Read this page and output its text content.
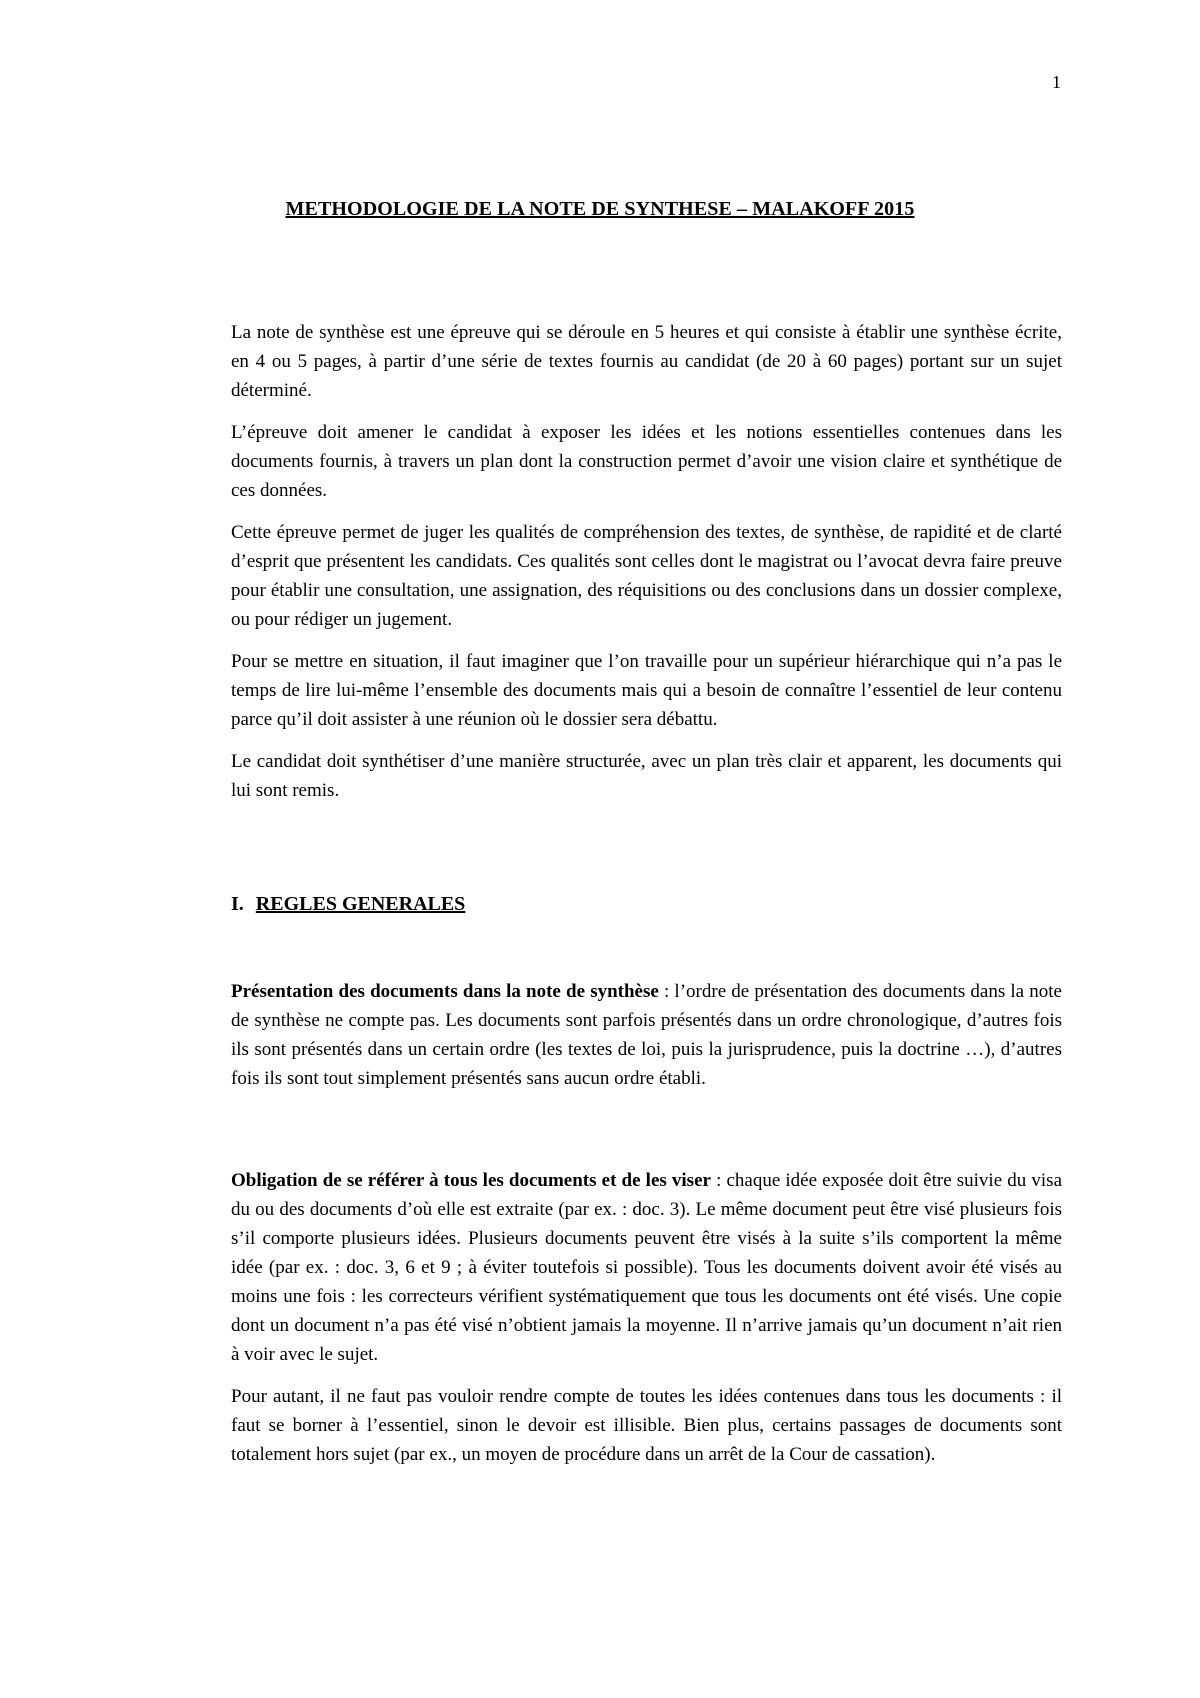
1
METHODOLOGIE DE LA NOTE DE SYNTHESE – MALAKOFF 2015

La note de synthèse est une épreuve qui se déroule en 5 heures et qui consiste à établir une synthèse écrite, en 4 ou 5 pages, à partir d’une série de textes fournis au candidat (de 20 à 60 pages) portant sur un sujet déterminé.

L’épreuve doit amener le candidat à exposer les idées et les notions essentielles contenues dans les documents fournis, à travers un plan dont la construction permet d’avoir une vision claire et synthétique de ces données.

Cette épreuve permet de juger les qualités de compréhension des textes, de synthèse, de rapidité et de clarté d’esprit que présentent les candidats. Ces qualités sont celles dont le magistrat ou l’avocat devra faire preuve pour établir une consultation, une assignation, des réquisitions ou des conclusions dans un dossier complexe, ou pour rédiger un jugement.

Pour se mettre en situation, il faut imaginer que l’on travaille pour un supérieur hiérarchique qui n’a pas le temps de lire lui-même l’ensemble des documents mais qui a besoin de connaître l’essentiel de leur contenu parce qu’il doit assister à une réunion où le dossier sera débattu.

Le candidat doit synthétiser d’une manière structurée, avec un plan très clair et apparent, les documents qui lui sont remis.

I. REGLES GENERALES

Présentation des documents dans la note de synthèse : l’ordre de présentation des documents dans la note de synthèse ne compte pas. Les documents sont parfois présentés dans un ordre chronologique, d’autres fois ils sont présentés dans un certain ordre (les textes de loi, puis la jurisprudence, puis la doctrine …), d’autres fois ils sont tout simplement présentés sans aucun ordre établi.

Obligation de se référer à tous les documents et de les viser : chaque idée exposée doit être suivie du visa du ou des documents d’où elle est extraite (par ex. : doc. 3). Le même document peut être visé plusieurs fois s’il comporte plusieurs idées. Plusieurs documents peuvent être visés à la suite s’ils comportent la même idée (par ex. : doc. 3, 6 et 9 ; à éviter toutefois si possible). Tous les documents doivent avoir été visés au moins une fois : les correcteurs vérifient systématiquement que tous les documents ont été visés. Une copie dont un document n’a pas été visé n’obtient jamais la moyenne. Il n’arrive jamais qu’un document n’ait rien à voir avec le sujet.

Pour autant, il ne faut pas vouloir rendre compte de toutes les idées contenues dans tous les documents : il faut se borner à l’essentiel, sinon le devoir est illisible. Bien plus, certains passages de documents sont totalement hors sujet (par ex., un moyen de procédure dans un arrêt de la Cour de cassation).
